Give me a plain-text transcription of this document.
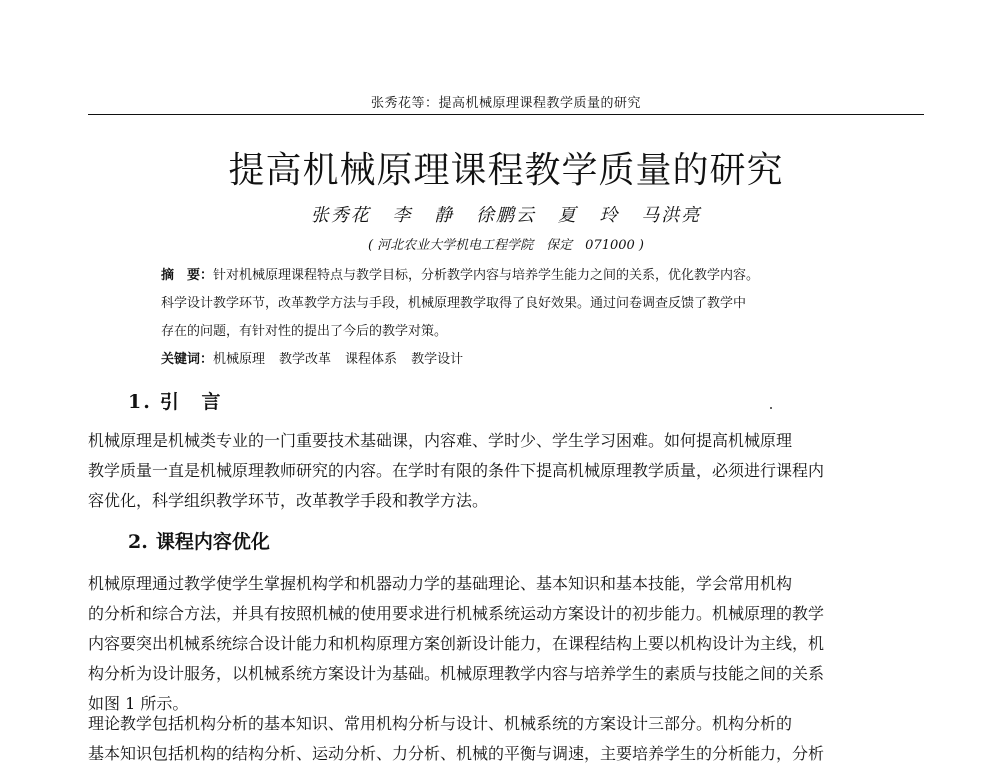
张秀花等：提高机械原理课程教学质量的研究
提高机械原理课程教学质量的研究
张秀花 李 静 徐鹏云 夏 玲 马洪亮
( 河北农业大学机电工程学院　保定　071000 )
摘　要：针对机械原理课程特点与教学目标，分析教学内容与培养学生能力之间的关系，优化教学内容。
科学设计教学环节，改革教学方法与手段，机械原理教学取得了良好效果。通过问卷调查反馈了教学中
存在的问题，有针对性的提出了今后的教学对策。
关键词：机械原理 教学改革 课程体系 教学设计
1. 引 言
机械原理是机械类专业的一门重要技术基础课，内容难、学时少、学生学习困难。如何提高机械原理
教学质量一直是机械原理教师研究的内容。在学时有限的条件下提高机械原理教学质量，必须进行课程内
容优化，科学组织教学环节，改革教学手段和教学方法。
2. 课程内容优化
机械原理通过教学使学生掌握机构学和机器动力学的基础理论、基本知识和基本技能，学会常用机构
的分析和综合方法，并具有按照机械的使用要求进行机械系统运动方案设计的初步能力。机械原理的教学
内容要突出机械系统综合设计能力和机构原理方案创新设计能力，在课程结构上要以机构设计为主线，机
构分析为设计服务，以机械系统方案设计为基础。机械原理教学内容与培养学生的素质与技能之间的关系
如图 1 所示。
理论教学包括机构分析的基本知识、常用机构分析与设计、机械系统的方案设计三部分。机构分析的
基本知识包括机构的结构分析、运动分析、力分析、机械的平衡与调速，主要培养学生的分析能力，分析
